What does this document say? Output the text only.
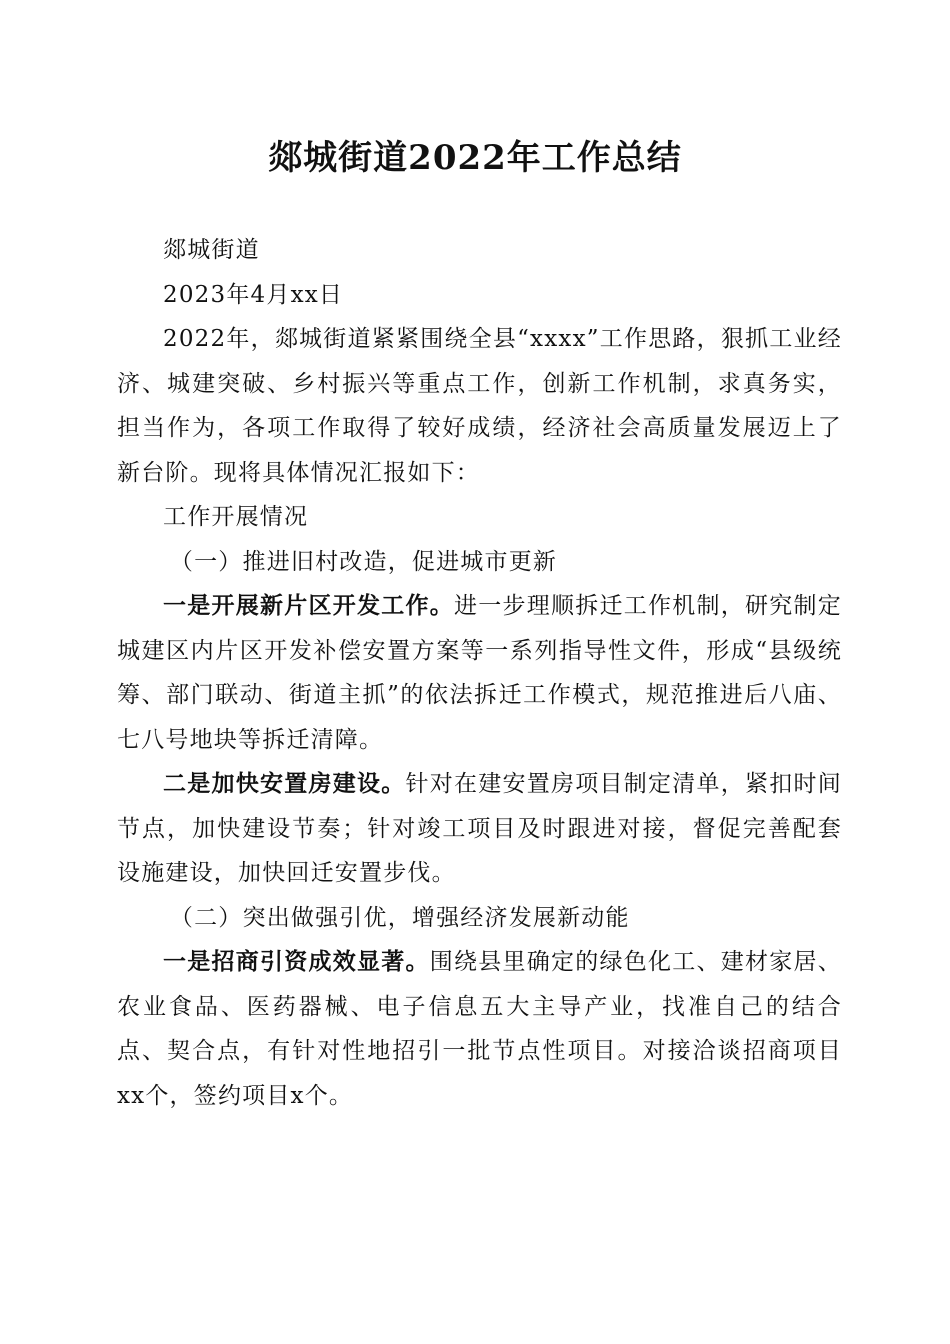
郯城街道2022年工作总结

郯城街道

2023年4月xx日

2022年，郯城街道紧紧围绕全县“xxxx”工作思路，狠抓工业经济、城建突破、乡村振兴等重点工作，创新工作机制，求真务实，担当作为，各项工作取得了较好成绩，经济社会高质量发展迈上了新台阶。现将具体情况汇报如下：

工作开展情况

（一）推进旧村改造，促进城市更新

一是开展新片区开发工作。进一步理顺拆迁工作机制，研究制定城建区内片区开发补偿安置方案等一系列指导性文件，形成“县级统筹、部门联动、街道主抓”的依法拆迁工作模式，规范推进后八庙、七八号地块等拆迁清障。

二是加快安置房建设。针对在建安置房项目制定清单，紧扣时间节点，加快建设节奏；针对竣工项目及时跟进对接，督促完善配套设施建设，加快回迁安置步伐。

（二）突出做强引优，增强经济发展新动能

一是招商引资成效显著。围绕县里确定的绿色化工、建材家居、农业食品、医药器械、电子信息五大主导产业，找准自己的结合点、契合点，有针对性地招引一批节点性项目。对接洽谈招商项目xx个，签约项目x个。
